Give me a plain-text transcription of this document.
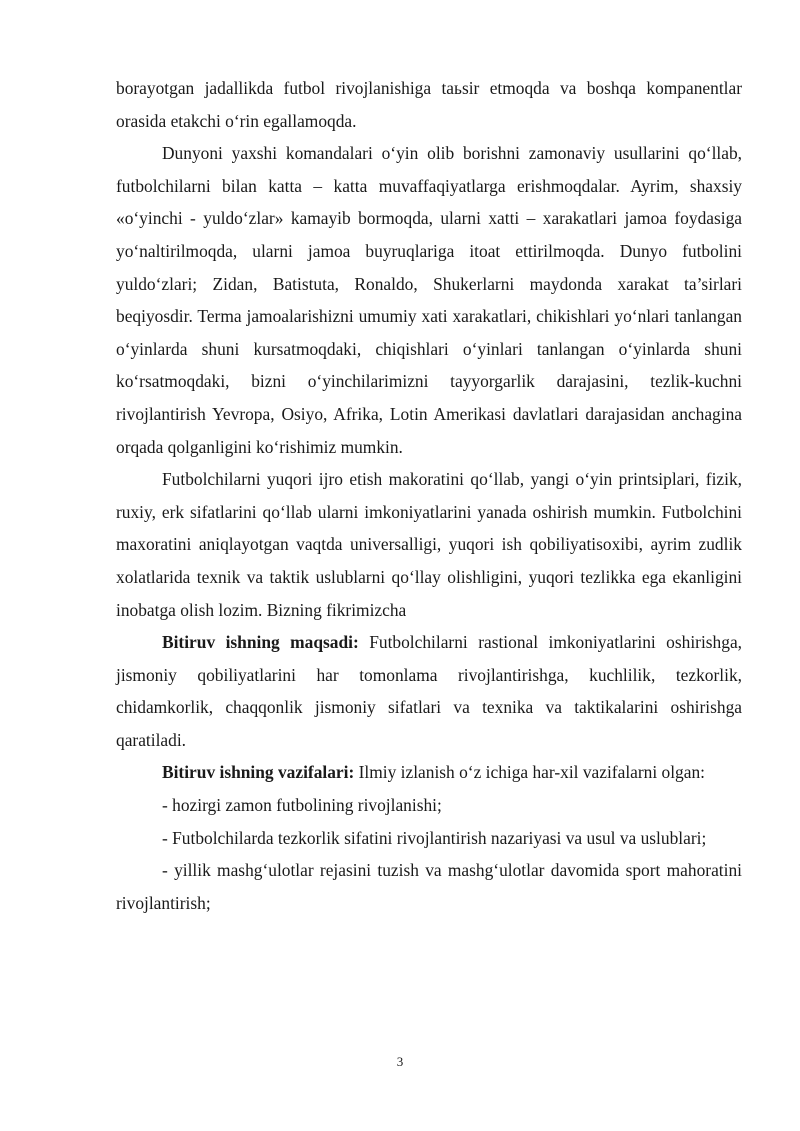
borayotgan jadallikda futbol rivojlanishiga taьsir etmoqda va boshqa kompanentlar orasida etakchi o‘rin egallamoqda.

Dunyoni yaxshi komandalari o‘yin olib borishni zamonaviy usullarini qo‘llab, futbolchilarni bilan katta – katta muvaffaqiyatlarga erishmoqdalar. Ayrim, shaxsiy «o‘yinchi - yuldo‘zlar» kamayib bormoqda, ularni xatti – xarakatlari jamoa foydasiga yo‘naltirilmoqda, ularni jamoa buyruqlariga itoat ettirilmoqda. Dunyo futbolini yuldo‘zlari; Zidan, Batistuta, Ronaldo, Shukerlarni maydonda xarakat ta’sirlari beqiyosdir. Terma jamoalarishizni umumiy xati xarakatlari, chikishlari yo‘nlari tanlangan o‘yinlarda shuni kursatmoqdaki, chiqishlari o‘yinlari tanlangan o‘yinlarda shuni ko‘rsatmoqdaki, bizni o‘yinchilarimizni tayyorgarlik darajasini, tezlik-kuchni rivojlantirish Yevropa, Osiyo, Afrika, Lotin Amerikasi davlatlari darajasidan anchagina orqada qolganligini ko‘rishimiz mumkin.

Futbolchilarni yuqori ijro etish makoratini qo‘llab, yangi o‘yin printsiplari, fizik, ruxiy, erk sifatlarini qo‘llab ularni imkoniyatlarini yanada oshirish mumkin. Futbolchini maxoratini aniqlayotgan vaqtda universalligi, yuqori ish qobiliyatisoxibi, ayrim zudlik xolatlarida texnik va taktik uslublarni qo‘llay olishligini, yuqori tezlikka ega ekanligini inobatga olish lozim. Bizning fikrimizcha

Bitiruv ishning maqsadi: Futbolchilarni rastional imkoniyatlarini oshirishga, jismoniy qobiliyatlarini har tomonlama rivojlantirishga, kuchlilik, tezkorlik, chidamkorlik, chaqqonlik jismoniy sifatlari va texnika va taktikalarini oshirishga qaratiladi.

Bitiruv ishning vazifalari: Ilmiy izlanish o‘z ichiga har-xil vazifalarni olgan:

- hozirgi zamon futbolining rivojlanishi;

- Futbolchilarda tezkorlik sifatini rivojlantirish nazariyasi va usul va uslublari;

- yillik mashg‘ulotlar rejasini tuzish va mashg‘ulotlar davomida sport mahoratini rivojlantirish;

3
